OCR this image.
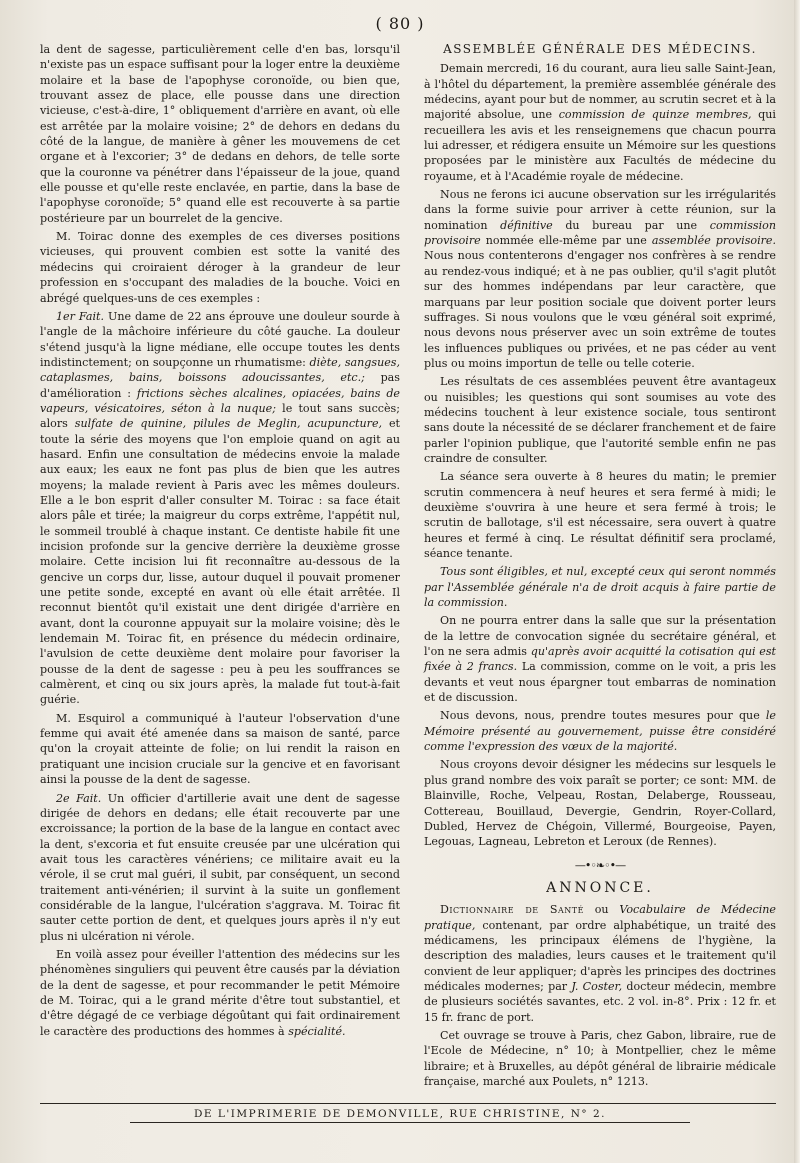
( 80 )

la dent de sagesse, particulièrement celle d'en bas, lorsqu'il n'existe pas un espace suffisant pour la loger entre la deuxième molaire et la base de l'apophyse coronoïde, ou bien que, trouvant assez de place, elle pousse dans une direction vicieuse, c'est-à-dire, 1° obliquement d'arrière en avant, où elle est arrêtée par la molaire voisine; 2° de dehors en dedans du côté de la langue, de manière à gêner les mouvemens de cet organe et à l'excorier; 3° de dedans en dehors, de telle sorte que la couronne va pénétrer dans l'épaisseur de la joue, quand elle pousse et qu'elle reste enclavée, en partie, dans la base de l'apophyse coronoïde; 5° quand elle est recouverte à sa partie postérieure par un bourrelet de la gencive.

M. Toirac donne des exemples de ces diverses positions vicieuses, qui prouvent combien est sotte la vanité des médecins qui croiraient déroger à la grandeur de leur profession en s'occupant des maladies de la bouche. Voici en abrégé quelques-uns de ces exemples :

1er Fait. Une dame de 22 ans éprouve une douleur sourde à l'angle de la mâchoire inférieure du côté gauche. La douleur s'étend jusqu'à la ligne médiane, elle occupe toutes les dents indistinctement; on soupçonne un rhumatisme: diète, sangsues, cataplasmes, bains, boissons adoucissantes, etc.; pas d'amélioration : frictions sèches alcalines, opiacées, bains de vapeurs, vésicatoires, séton à la nuque; le tout sans succès; alors sulfate de quinine, pilules de Meglin, acupuncture, et toute la série des moyens que l'on emploie quand on agit au hasard. Enfin une consultation de médecins envoie la malade aux eaux; les eaux ne font pas plus de bien que les autres moyens; la malade revient à Paris avec les mêmes douleurs. Elle a le bon esprit d'aller consulter M. Toirac : sa face était alors pâle et tirée; la maigreur du corps extrême, l'appétit nul, le sommeil troublé à chaque instant. Ce dentiste habile fit une incision profonde sur la gencive derrière la deuxième grosse molaire. Cette incision lui fit reconnaître au-dessous de la gencive un corps dur, lisse, autour duquel il pouvait promener une petite sonde, excepté en avant où elle était arrêtée. Il reconnut bientôt qu'il existait une dent dirigée d'arrière en avant, dont la couronne appuyait sur la molaire voisine; dès le lendemain M. Toirac fit, en présence du médecin ordinaire, l'avulsion de cette deuxième dent molaire pour favoriser la pousse de la dent de sagesse : peu à peu les souffrances se calmèrent, et cinq ou six jours après, la malade fut tout-à-fait guérie.

M. Esquirol a communiqué à l'auteur l'observation d'une femme qui avait été amenée dans sa maison de santé, parce qu'on la croyait atteinte de folie; on lui rendit la raison en pratiquant une incision cruciale sur la gencive et en favorisant ainsi la pousse de la dent de sagesse.

2e Fait. Un officier d'artillerie avait une dent de sagesse dirigée de dehors en dedans; elle était recouverte par une excroissance; la portion de la base de la langue en contact avec la dent, s'excoria et fut ensuite creusée par une ulcération qui avait tous les caractères vénériens; ce militaire avait eu la vérole, il se crut mal guéri, il subit, par conséquent, un second traitement anti-vénérien; il survint à la suite un gonflement considérable de la langue, l'ulcération s'aggrava. M. Toirac fit sauter cette portion de dent, et quelques jours après il n'y eut plus ni ulcération ni vérole.

En voilà assez pour éveiller l'attention des médecins sur les phénomènes singuliers qui peuvent être causés par la déviation de la dent de sagesse, et pour recommander le petit Mémoire de M. Toirac, qui a le grand mérite d'être tout substantiel, et d'être dégagé de ce verbiage dégoûtant qui fait ordinairement le caractère des productions des hommes à spécialité.

ASSEMBLÉE GÉNÉRALE DES MÉDECINS.

Demain mercredi, 16 du courant, aura lieu salle Saint-Jean, à l'hôtel du département, la première assemblée générale des médecins, ayant pour but de nommer, au scrutin secret et à la majorité absolue, une commission de quinze membres, qui recueillera les avis et les renseignemens que chacun pourra lui adresser, et rédigera ensuite un Mémoire sur les questions proposées par le ministère aux Facultés de médecine du royaume, et à l'Académie royale de médecine.

Nous ne ferons ici aucune observation sur les irrégularités dans la forme suivie pour arriver à cette réunion, sur la nomination définitive du bureau par une commission provisoire nommée elle-même par une assemblée provisoire. Nous nous contenterons d'engager nos confrères à se rendre au rendez-vous indiqué; et à ne pas oublier, qu'il s'agit plutôt sur des hommes indépendans par leur caractère, que marquans par leur position sociale que doivent porter leurs suffrages. Si nous voulons que le vœu général soit exprimé, nous devons nous préserver avec un soin extrême de toutes les influences publiques ou privées, et ne pas céder au vent plus ou moins importun de telle ou telle coterie.

Les résultats de ces assemblées peuvent être avantageux ou nuisibles; les questions qui sont soumises au vote des médecins touchent à leur existence sociale, tous sentiront sans doute la nécessité de se déclarer franchement et de faire parler l'opinion publique, que l'autorité semble enfin ne pas craindre de consulter.

La séance sera ouverte à 8 heures du matin; le premier scrutin commencera à neuf heures et sera fermé à midi; le deuxième s'ouvrira à une heure et sera fermé à trois; le scrutin de ballotage, s'il est nécessaire, sera ouvert à quatre heures et fermé à cinq. Le résultat définitif sera proclamé, séance tenante.

Tous sont éligibles, et nul, excepté ceux qui seront nommés par l'Assemblée générale n'a de droit acquis à faire partie de la commission.

On ne pourra entrer dans la salle que sur la présentation de la lettre de convocation signée du secrétaire général, et l'on ne sera admis qu'après avoir acquitté la cotisation qui est fixée à 2 francs. La commission, comme on le voit, a pris les devants et veut nous épargner tout embarras de nomination et de discussion.

Nous devons, nous, prendre toutes mesures pour que le Mémoire présenté au gouvernement, puisse être considéré comme l'expression des vœux de la majorité.

Nous croyons devoir désigner les médecins sur lesquels le plus grand nombre des voix paraît se porter; ce sont: MM. de Blainville, Roche, Velpeau, Rostan, Delaberge, Rousseau, Cottereau, Bouillaud, Devergie, Gendrin, Royer-Collard, Dubled, Hervez de Chégoin, Villermé, Bourgeoise, Payen, Legouas, Lagneau, Lebreton et Leroux (de Rennes).

—•◦❧◦•—
ANNONCE.

Dictionnaire de Santé ou Vocabulaire de Médecine pratique, contenant, par ordre alphabétique, un traité des médicamens, les principaux élémens de l'hygiène, la description des maladies, leurs causes et le traitement qu'il convient de leur appliquer; d'après les principes des doctrines médicales modernes; par J. Coster, docteur médecin, membre de plusieurs sociétés savantes, etc. 2 vol. in-8°. Prix : 12 fr. et 15 fr. franc de port.

Cet ouvrage se trouve à Paris, chez Gabon, libraire, rue de l'Ecole de Médecine, n° 10; à Montpellier, chez le même libraire; et à Bruxelles, au dépôt général de librairie médicale française, marché aux Poulets, n° 1213.

DE L'IMPRIMERIE DE DEMONVILLE, RUE CHRISTINE, N° 2.
